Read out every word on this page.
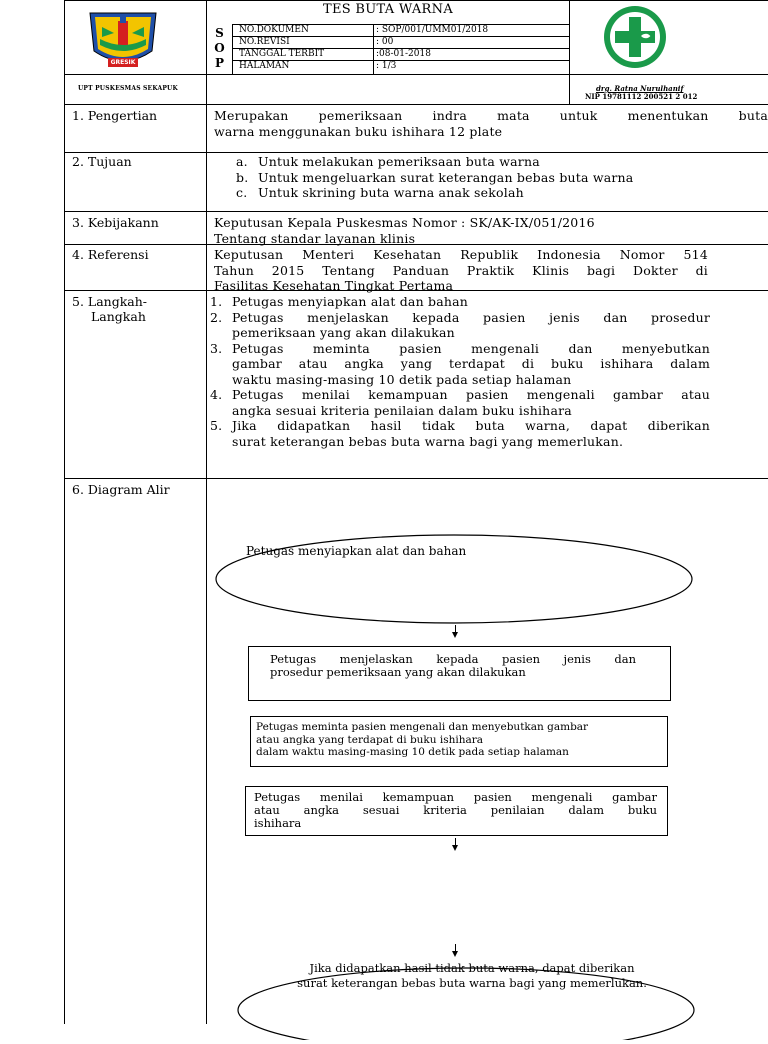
GRESIK
TES BUTA WARNA
S
O
P
NO.DOKUMEN	: SOP/001/UMM01/2018
NO.REVISI	: 00
TANGGAL TERBIT	:08-01-2018
HALAMAN	: 1/3
UPT PUSKESMAS SEKAPUK	drg. Ratna Nurulhanif
NIP 19781112 200521 2 012
1. Pengertian	Merupakan pemeriksaan indra mata untuk menentukan buta
warna menggunakan buku ishihara 12 plate
2. Tujuan	a. Untuk melakukan pemeriksaan buta warna
b. Untuk mengeluarkan surat keterangan bebas buta warna
c. Untuk skrining buta warna anak sekolah
3. Kebijakann	Keputusan Kepala Puskesmas Nomor : SK/AK-IX/051/2016
Tentang standar layanan klinis
4. Referensi	Keputusan Menteri Kesehatan Republik Indonesia Nomor 514
Tahun 2015 Tentang Panduan Praktik Klinis bagi Dokter di
Fasilitas Kesehatan Tingkat Pertama
5. Langkah-
Langkah
1. Petugas menyiapkan alat dan bahan
2. Petugas menjelaskan kepada pasien jenis dan prosedur
pemeriksaan yang akan dilakukan
3. Petugas meminta pasien mengenali dan menyebutkan
gambar atau angka yang terdapat di buku ishihara dalam
waktu masing-masing 10 detik pada setiap halaman
4. Petugas menilai kemampuan pasien mengenali gambar atau
angka sesuai kriteria penilaian dalam buku ishihara
5. Jika didapatkan hasil tidak buta warna, dapat diberikan
surat keterangan bebas buta warna bagi yang memerlukan.
6. Diagram Alir
Petugas menyiapkan alat dan bahan
Petugas menjelaskan kepada pasien jenis dan
prosedur pemeriksaan yang akan dilakukan
Petugas meminta pasien mengenali dan menyebutkan gambar
atau angka yang terdapat di buku ishihara
dalam waktu masing-masing 10 detik pada setiap halaman
Petugas menilai kemampuan pasien mengenali gambar
atau angka sesuai kriteria penilaian dalam buku
ishihara
Jika didapatkan hasil tidak buta warna, dapat diberikan
surat keterangan bebas buta warna bagi yang memerlukan.
